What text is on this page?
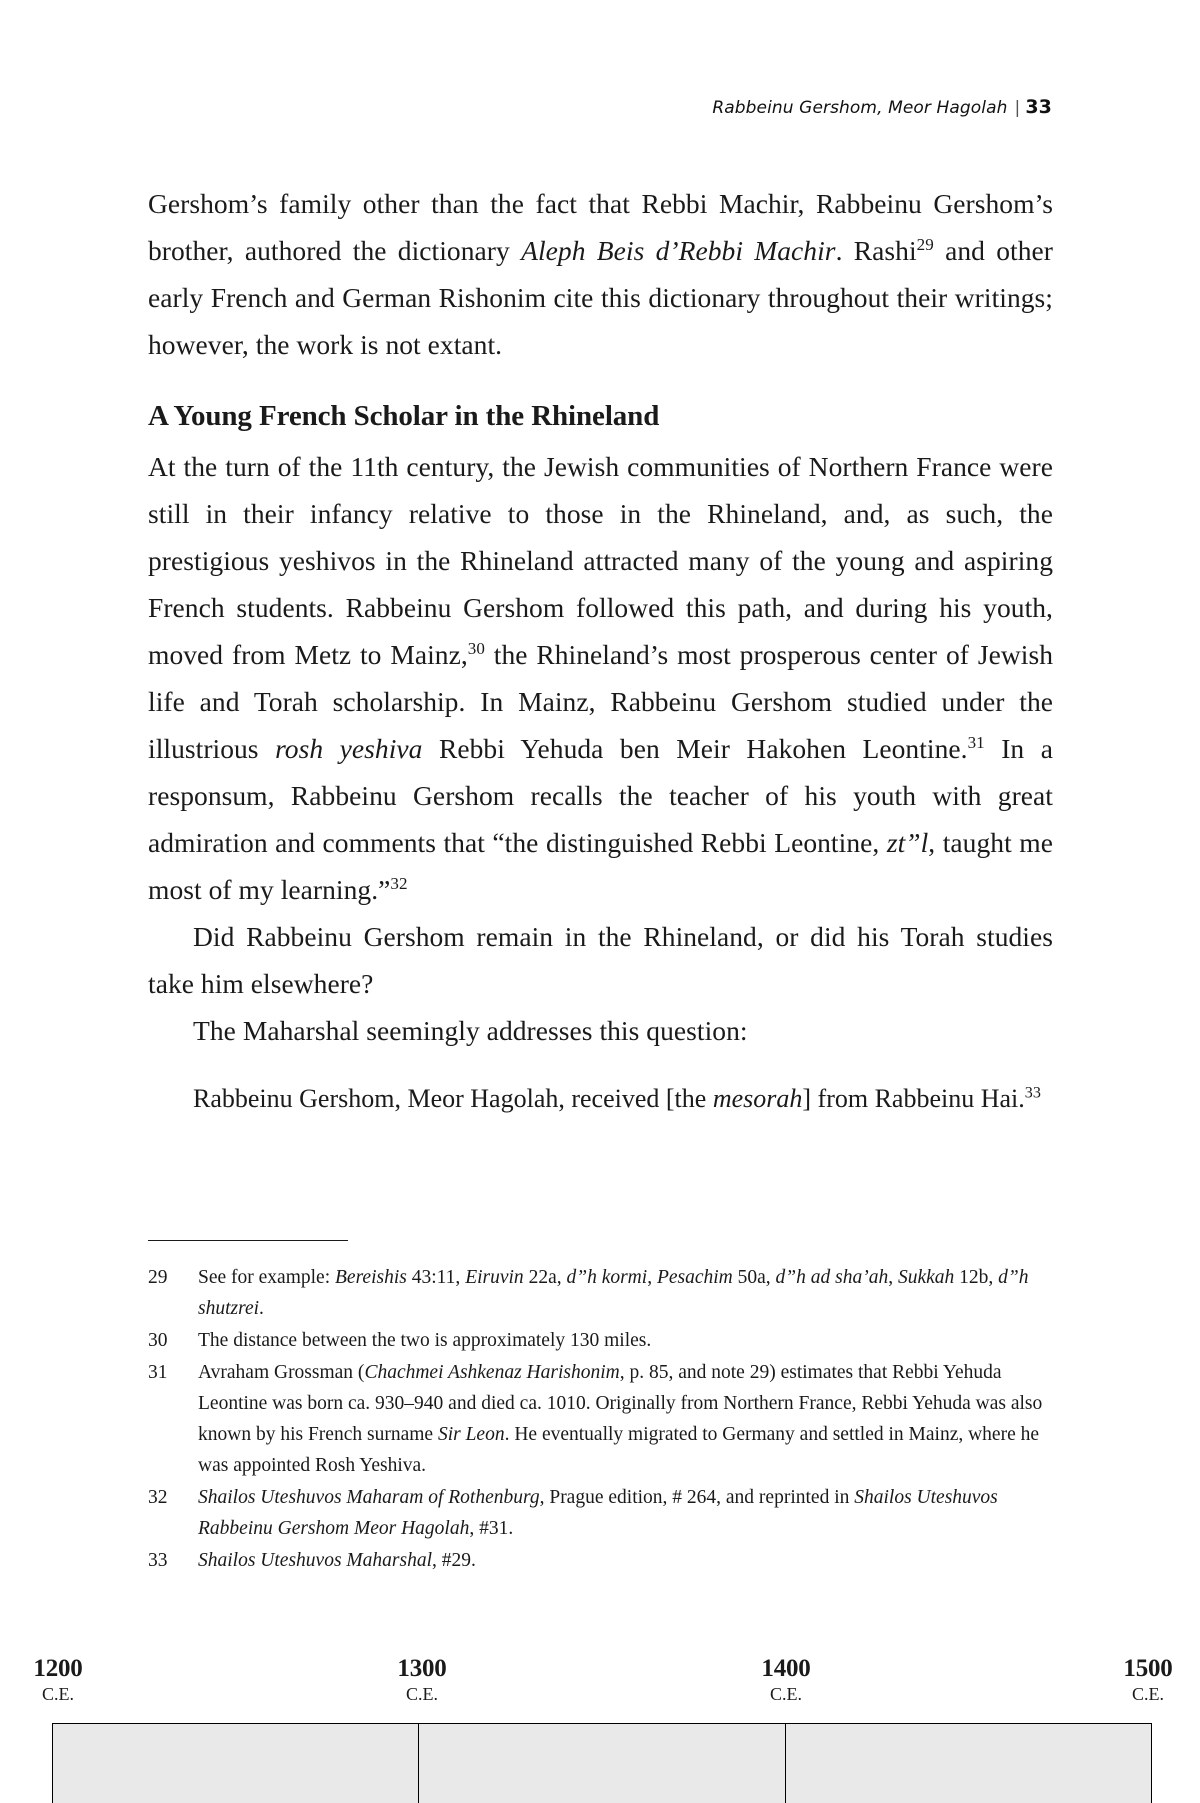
Rabbeinu Gershom, Meor Hagolah | 33

Gershom’s family other than the fact that Rebbi Machir, Rabbeinu Gershom’s brother, authored the dictionary Aleph Beis d’Rebbi Machir. Rashi$^{29}$ and other early French and German Rishonim cite this dictionary throughout their writings; however, the work is not extant.

A Young French Scholar in the Rhineland

At the turn of the 11th century, the Jewish communities of Northern France were still in their infancy relative to those in the Rhineland, and, as such, the prestigious yeshivos in the Rhineland attracted many of the young and aspiring French students. Rabbeinu Gershom followed this path, and during his youth, moved from Metz to Mainz,$^{30}$ the Rhineland’s most prosperous center of Jewish life and Torah scholarship. In Mainz, Rabbeinu Gershom studied under the illustrious rosh yeshiva Rebbi Yehuda ben Meir Hakohen Leontine.$^{31}$ In a responsum, Rabbeinu Gershom recalls the teacher of his youth with great admiration and comments that “the distinguished Rebbi Leontine, zt”l, taught me most of my learning.”$^{32}$

Did Rabbeinu Gershom remain in the Rhineland, or did his Torah studies take him elsewhere?

The Maharshal seemingly addresses this question:

Rabbeinu Gershom, Meor Hagolah, received [the mesorah] from Rabbeinu Hai.$^{33}$
29	See for example: Bereishis 43:11, Eiruvin 22a, d”h kormi, Pesachim 50a, d”h ad sha’ah, Sukkah 12b, d”h shutzrei.
30	The distance between the two is approximately 130 miles.
31	Avraham Grossman (Chachmei Ashkenaz Harishonim, p. 85, and note 29) estimates that Rebbi Yehuda Leontine was born ca. 930–940 and died ca. 1010. Originally from Northern France, Rebbi Yehuda was also known by his French surname Sir Leon. He eventually migrated to Germany and settled in Mainz, where he was appointed Rosh Yeshiva.
32	Shailos Uteshuvos Maharam of Rothenburg, Prague edition, # 264, and reprinted in Shailos Uteshuvos Rabbeinu Gershom Meor Hagolah, #31.
33	Shailos Uteshuvos Maharshal, #29.
1200
C.E.
1300
C.E.
1400
C.E.
1500
C.E.
